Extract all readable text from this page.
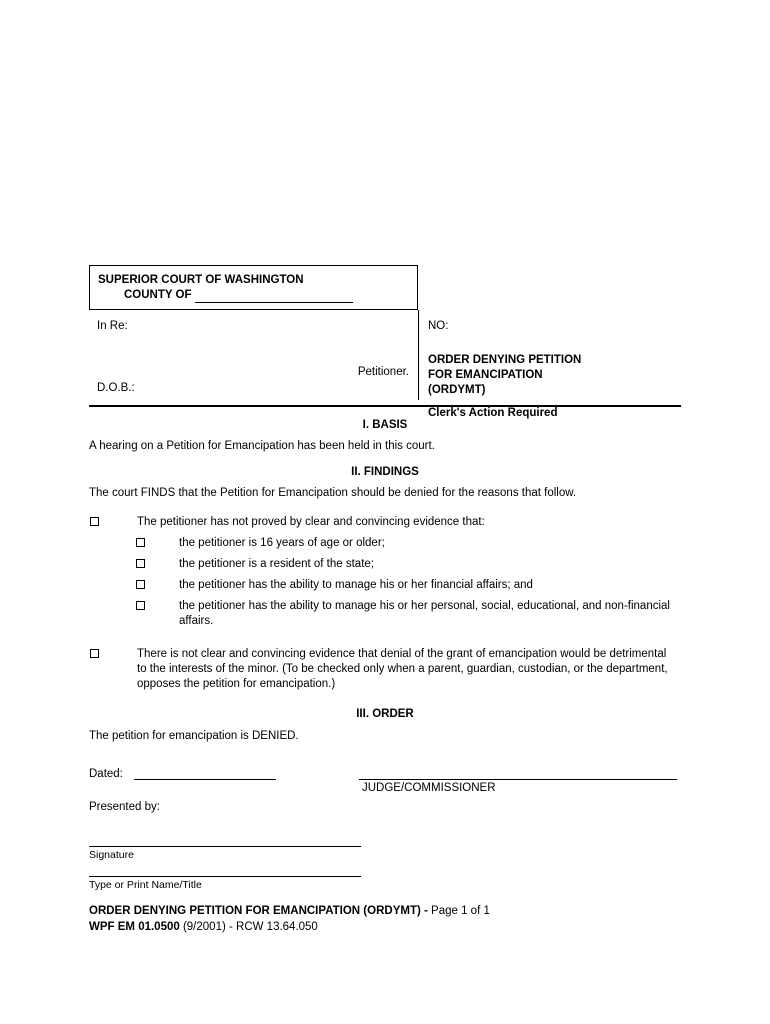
SUPERIOR COURT OF WASHINGTON
COUNTY OF
In Re:
Petitioner.
D.O.B.:
NO:
ORDER DENYING PETITION
FOR EMANCIPATION
(ORDYMT)
Clerk's Action Required
I. BASIS
A hearing on a Petition for Emancipation has been held in this court.
II. FINDINGS
The court FINDS that the Petition for Emancipation should be denied for the reasons that follow.
The petitioner has not proved by clear and convincing evidence that:
the petitioner is 16 years of age or older;
the petitioner is a resident of the state;
the petitioner has the ability to manage his or her financial affairs; and
the petitioner has the ability to manage his or her personal, social, educational, and non-financial affairs.
There is not clear and convincing evidence that denial of the grant of emancipation would be detrimental to the interests of the minor. (To be checked only when a parent, guardian, custodian, or the department, opposes the petition for emancipation.)
III. ORDER
The petition for emancipation is DENIED.
Dated:
JUDGE/COMMISSIONER
Presented by:
Signature
Type or Print Name/Title
ORDER DENYING PETITION FOR EMANCIPATION (ORDYMT) - Page 1 of 1
WPF EM 01.0500 (9/2001) - RCW 13.64.050
